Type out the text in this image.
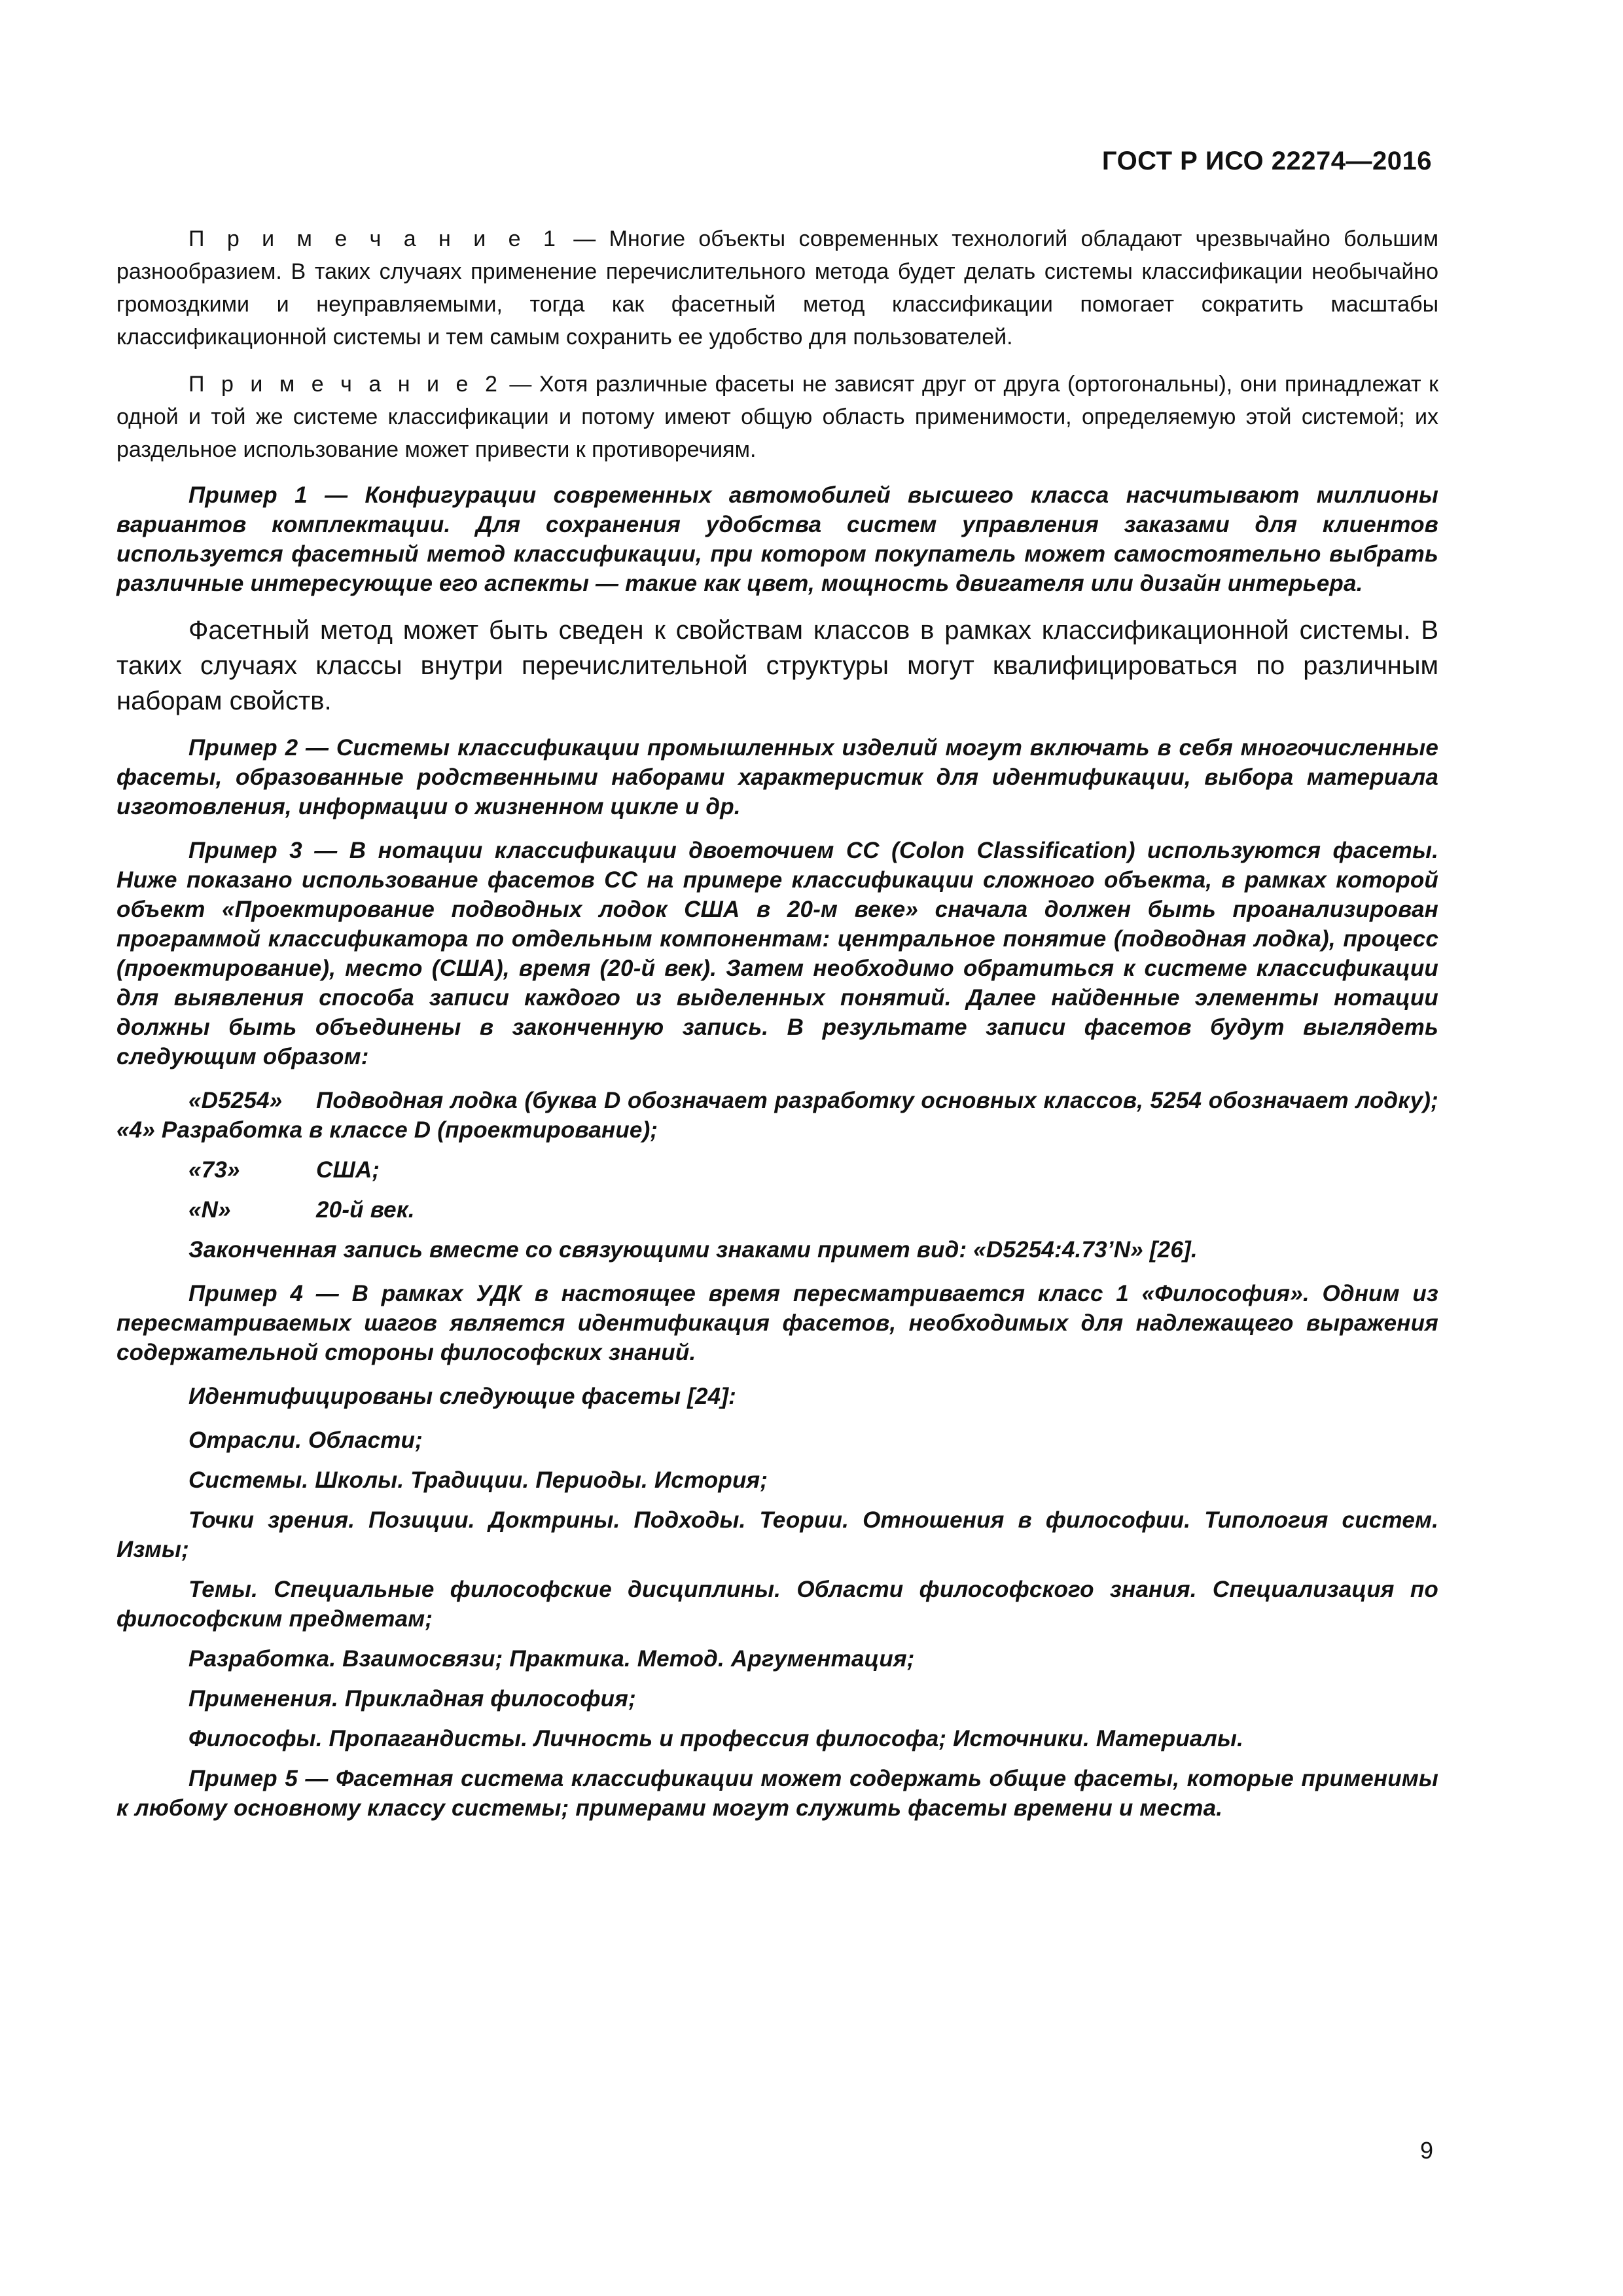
ГОСТ Р ИСО 22274—2016

П р и м е ч а н и е 1 — Многие объекты современных технологий обладают чрезвычайно большим разнообразием. В таких случаях применение перечислительного метода будет делать системы классификации необычайно громоздкими и неуправляемыми, тогда как фасетный метод классификации помогает сократить масштабы классификационной системы и тем самым сохранить ее удобство для пользователей.

П р и м е ч а н и е 2 — Хотя различные фасеты не зависят друг от друга (ортогональны), они принадлежат к одной и той же системе классификации и потому имеют общую область применимости, определяемую этой системой; их раздельное использование может привести к противоречиям.

Пример 1 — Конфигурации современных автомобилей высшего класса насчитывают миллионы вариантов комплектации. Для сохранения удобства систем управления заказами для клиентов используется фасетный метод классификации, при котором покупатель может самостоятельно выбрать различные интересующие его аспекты — такие как цвет, мощность двигателя или дизайн интерьера.

Фасетный метод может быть сведен к свойствам классов в рамках классификационной системы. В таких случаях классы внутри перечислительной структуры могут квалифицироваться по различным наборам свойств.

Пример 2 — Системы классификации промышленных изделий могут включать в себя многочисленные фасеты, образованные родственными наборами характеристик для идентификации, выбора материала изготовления, информации о жизненном цикле и др.

Пример 3 — В нотации классификации двоеточием СС (Colon Classification) используются фасеты. Ниже показано использование фасетов СС на примере классификации сложного объекта, в рамках которой объект «Проектирование подводных лодок США в 20-м веке» сначала должен быть проанализирован программой классификатора по отдельным компонентам: центральное понятие (подводная лодка), процесс (проектирование), место (США), время (20-й век). Затем необходимо обратиться к системе классификации для выявления способа записи каждого из выделенных понятий. Далее найденные элементы нотации должны быть объединены в законченную запись. В результате записи фасетов будут выглядеть следующим образом:

«D5254» Подводная лодка (буква D обозначает разработку основных классов, 5254 обозначает лодку); «4» Разработка в классе D (проектирование);

«73»	США;

«N»	20-й век.

Законченная запись вместе со связующими знаками примет вид: «D5254:4.73’N» [26].

Пример 4 — В рамках УДК в настоящее время пересматривается класс 1 «Философия». Одним из пересматриваемых шагов является идентификация фасетов, необходимых для надлежащего выражения содержательной стороны философских знаний.

Идентифицированы следующие фасеты [24]:

Отрасли. Области;

Системы. Школы. Традиции. Периоды. История;

Точки зрения. Позиции. Доктрины. Подходы. Теории. Отношения в философии. Типология систем. Измы;

Темы. Специальные философские дисциплины. Области философского знания. Специализация по философским предметам;

Разработка. Взаимосвязи; Практика. Метод. Аргументация;

Применения. Прикладная философия;

Философы. Пропагандисты. Личность и профессия философа; Источники. Материалы.

Пример 5 — Фасетная система классификации может содержать общие фасеты, которые применимы к любому основному классу системы; примерами могут служить фасеты времени и места.

9
